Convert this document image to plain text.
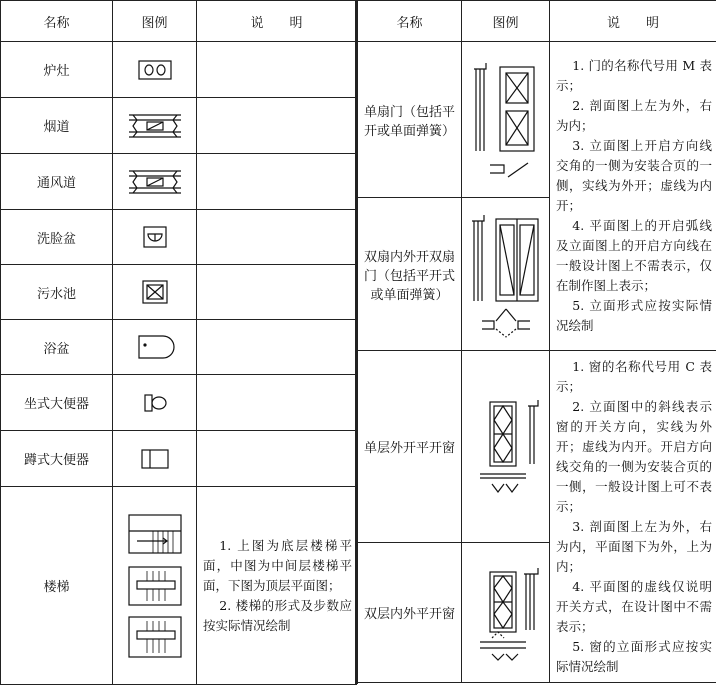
名称	图例	说　　明
炉灶	

烟道	

通风道	

洗脸盆	

污水池	

浴盆	

坐式大便器	

蹲式大便器	

楼梯		1. 上图为底层楼梯平面，中图为中间层楼梯平面，下图为顶层平面图；

2. 楼梯的形式及步数应按实际情况绘制

名称	图例	说　　明
单扇门（包括平开或单面弹簧）		1. 门的名称代号用 M 表示；

2. 剖面图上左为外，右为内；

3. 立面图上开启方向线交角的一侧为安装合页的一侧，实线为外开；虚线为内开；

4. 平面图上的开启弧线及立面图上的开启方向线在一般设计图上不需表示，仅在制作图上表示；

5. 立面形式应按实际情况绘制

双扇内外开双扇门（包括平开式或单面弹簧）	

单层外开平开窗		1. 窗的名称代号用 C 表示；

2. 立面图中的斜线表示窗的开关方向，实线为外开；虚线为内开。开启方向线交角的一侧为安装合页的一侧，一般设计图上可不表示；

3. 剖面图上左为外，右为内，平面图下为外，上为内；

4. 平面图的虚线仅说明开关方式，在设计图中不需表示；

5. 窗的立面形式应按实际情况绘制

双层内外平开窗	
